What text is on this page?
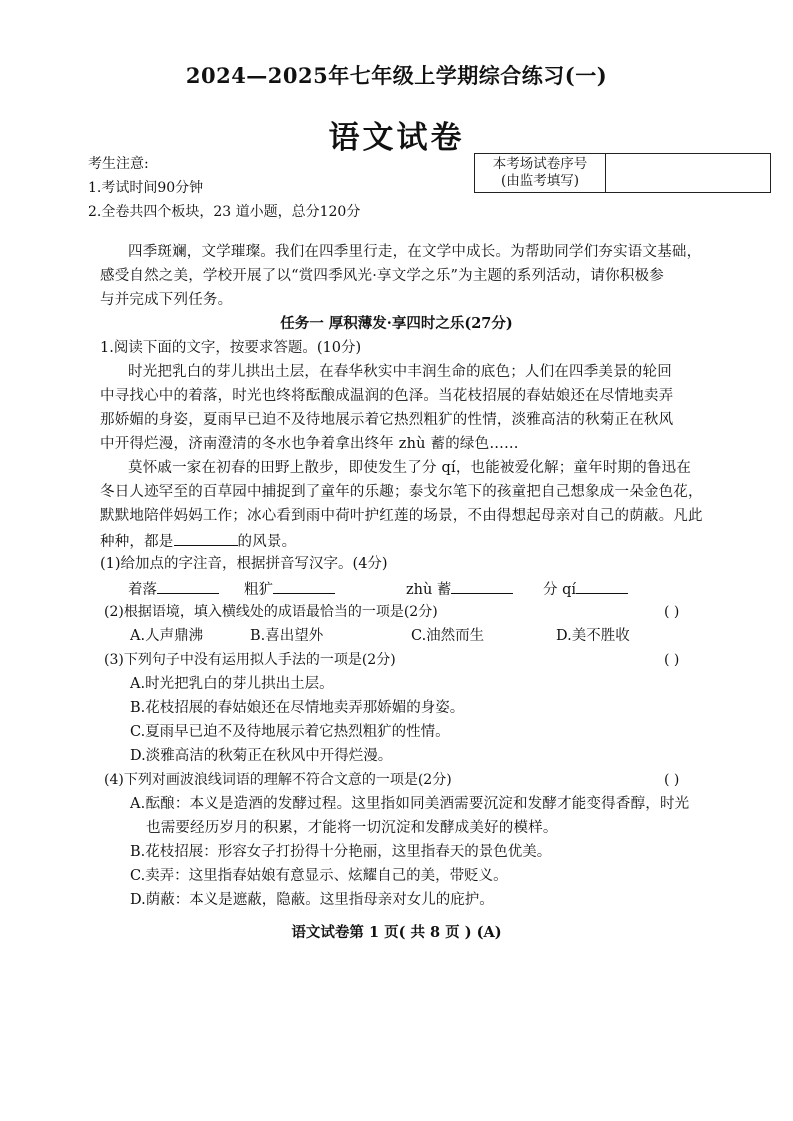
2024—2025年七年级上学期综合练习(一)
语文试卷
考生注意:
1.考试时间90分钟
2.全卷共四个板块，23 道小题，总分120分
本考场试卷序号
(由监考填写)

四季斑斓，文学璀璨。我们在四季里行走，在文学中成长。为帮助同学们夯实语文基础，
感受自然之美，学校开展了以“赏四季风光·享文学之乐”为主题的系列活动，请你积极参
与并完成下列任务。
任务一 厚积薄发·享四时之乐(27分)
1.阅读下面的文字，按要求答题。(10分)
时光把乳白的芽儿拱出土层，在春华秋实中丰润生命的底色；人们在四季美景的轮回
中寻找心中的着落，时光也终将酝酿成温润的色泽。当花枝招展的春姑娘还在尽情地卖弄
那娇媚的身姿，夏雨早已迫不及待地展示着它热烈粗犷的性情，淡雅高洁的秋菊正在秋风
中开得烂漫，济南澄清的冬水也争着拿出终年 zhù 蓄的绿色……
莫怀戚一家在初春的田野上散步，即使发生了分 qí，也能被爱化解；童年时期的鲁迅在
冬日人迹罕至的百草园中捕捉到了童年的乐趣；泰戈尔笔下的孩童把自己想象成一朵金色花，
默默地陪伴妈妈工作；冰心看到雨中荷叶护红莲的场景，不由得想起母亲对自己的荫蔽。凡此
种种，都是	的风景。
(1)给加点的字注音，根据拼音写汉字。(4分)
着落	粗犷	zhù 蓄	分 qí
(2)根据语境，填入横线处的成语最恰当的一项是(2分)	( )
A.人声鼎沸	B.喜出望外	C.油然而生	D.美不胜收
(3)下列句子中没有运用拟人手法的一项是(2分)	( )
A.时光把乳白的芽儿拱出土层。
B.花枝招展的春姑娘还在尽情地卖弄那娇媚的身姿。
C.夏雨早已迫不及待地展示着它热烈粗犷的性情。
D.淡雅高洁的秋菊正在秋风中开得烂漫。
(4)下列对画波浪线词语的理解不符合文意的一项是(2分)	( )
A.酝酿：本义是造酒的发酵过程。这里指如同美酒需要沉淀和发酵才能变得香醇，时光
也需要经历岁月的积累，才能将一切沉淀和发酵成美好的模样。
B.花枝招展：形容女子打扮得十分艳丽，这里指春天的景色优美。
C.卖弄：这里指春姑娘有意显示、炫耀自己的美，带贬义。
D.荫蔽：本义是遮蔽，隐蔽。这里指母亲对女儿的庇护。
语文试卷第 1 页( 共 8 页 ) (A)
